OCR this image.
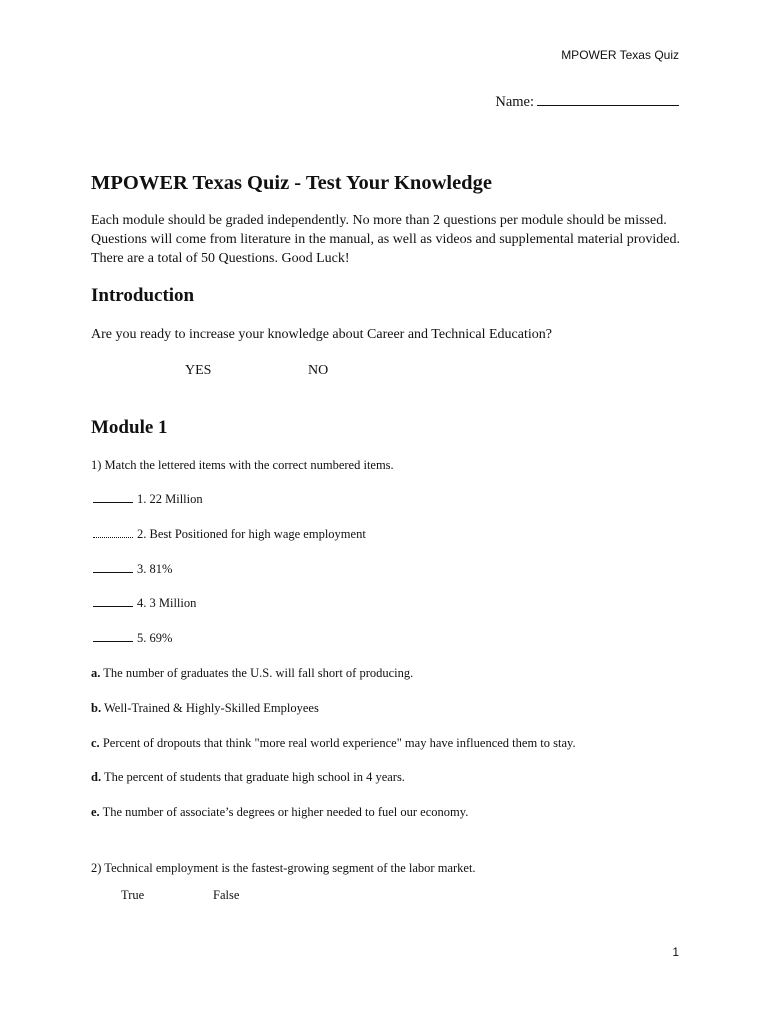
MPOWER Texas Quiz
Name:
MPOWER Texas Quiz - Test Your Knowledge
Each module should be graded independently. No more than 2 questions per module should be missed. Questions will come from literature in the manual, as well as videos and supplemental material provided. There are a total of 50 Questions. Good Luck!
Introduction
Are you ready to increase your knowledge about Career and Technical Education?
YES	NO
Module 1
1) Match the lettered items with the correct numbered items.
1. 22 Million
2. Best Positioned for high wage employment
3. 81%
4. 3 Million
5. 69%
a. The number of graduates the U.S. will fall short of producing.
b. Well-Trained & Highly-Skilled Employees
c. Percent of dropouts that think "more real world experience" may have influenced them to stay.
d. The percent of students that graduate high school in 4 years.
e. The number of associate’s degrees or higher needed to fuel our economy.
2) Technical employment is the fastest-growing segment of the labor market.
True	False
1
